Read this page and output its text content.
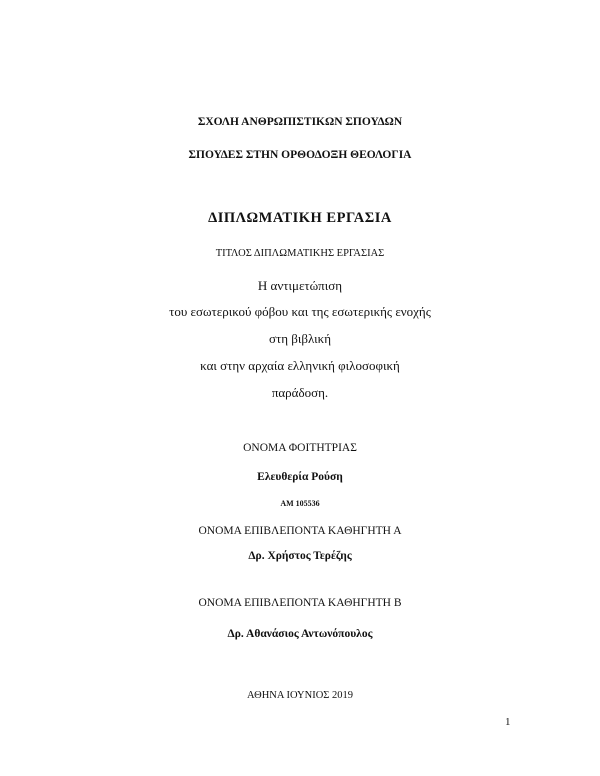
ΣΧΟΛΗ ΑΝΘΡΩΠΙΣΤΙΚΩΝ ΣΠΟΥΔΩΝ
ΣΠΟΥΔΕΣ ΣΤΗΝ ΟΡΘΟΔΟΞΗ ΘΕΟΛΟΓΙΑ
ΔΙΠΛΩΜΑΤΙΚΗ ΕΡΓΑΣΙΑ
ΤΙΤΛΟΣ ΔΙΠΛΩΜΑΤΙΚΗΣ ΕΡΓΑΣΙΑΣ
Η αντιμετώπιση
του εσωτερικού φόβου και της εσωτερικής ενοχής
στη βιβλική
και στην αρχαία ελληνική φιλοσοφική
παράδοση.
ΟΝΟΜΑ ΦΟΙΤΗΤΡΙΑΣ
Ελευθερία Ρούση
ΑΜ 105536
ΟΝΟΜΑ ΕΠΙΒΛΕΠΟΝΤΑ ΚΑΘΗΓΗΤΗ Α
Δρ. Χρήστος Τερέζης
ΟΝΟΜΑ ΕΠΙΒΛΕΠΟΝΤΑ ΚΑΘΗΓΗΤΗ Β
Δρ. Αθανάσιος Αντωνόπουλος
ΑΘΗΝΑ ΙΟΥΝΙΟΣ 2019
1
